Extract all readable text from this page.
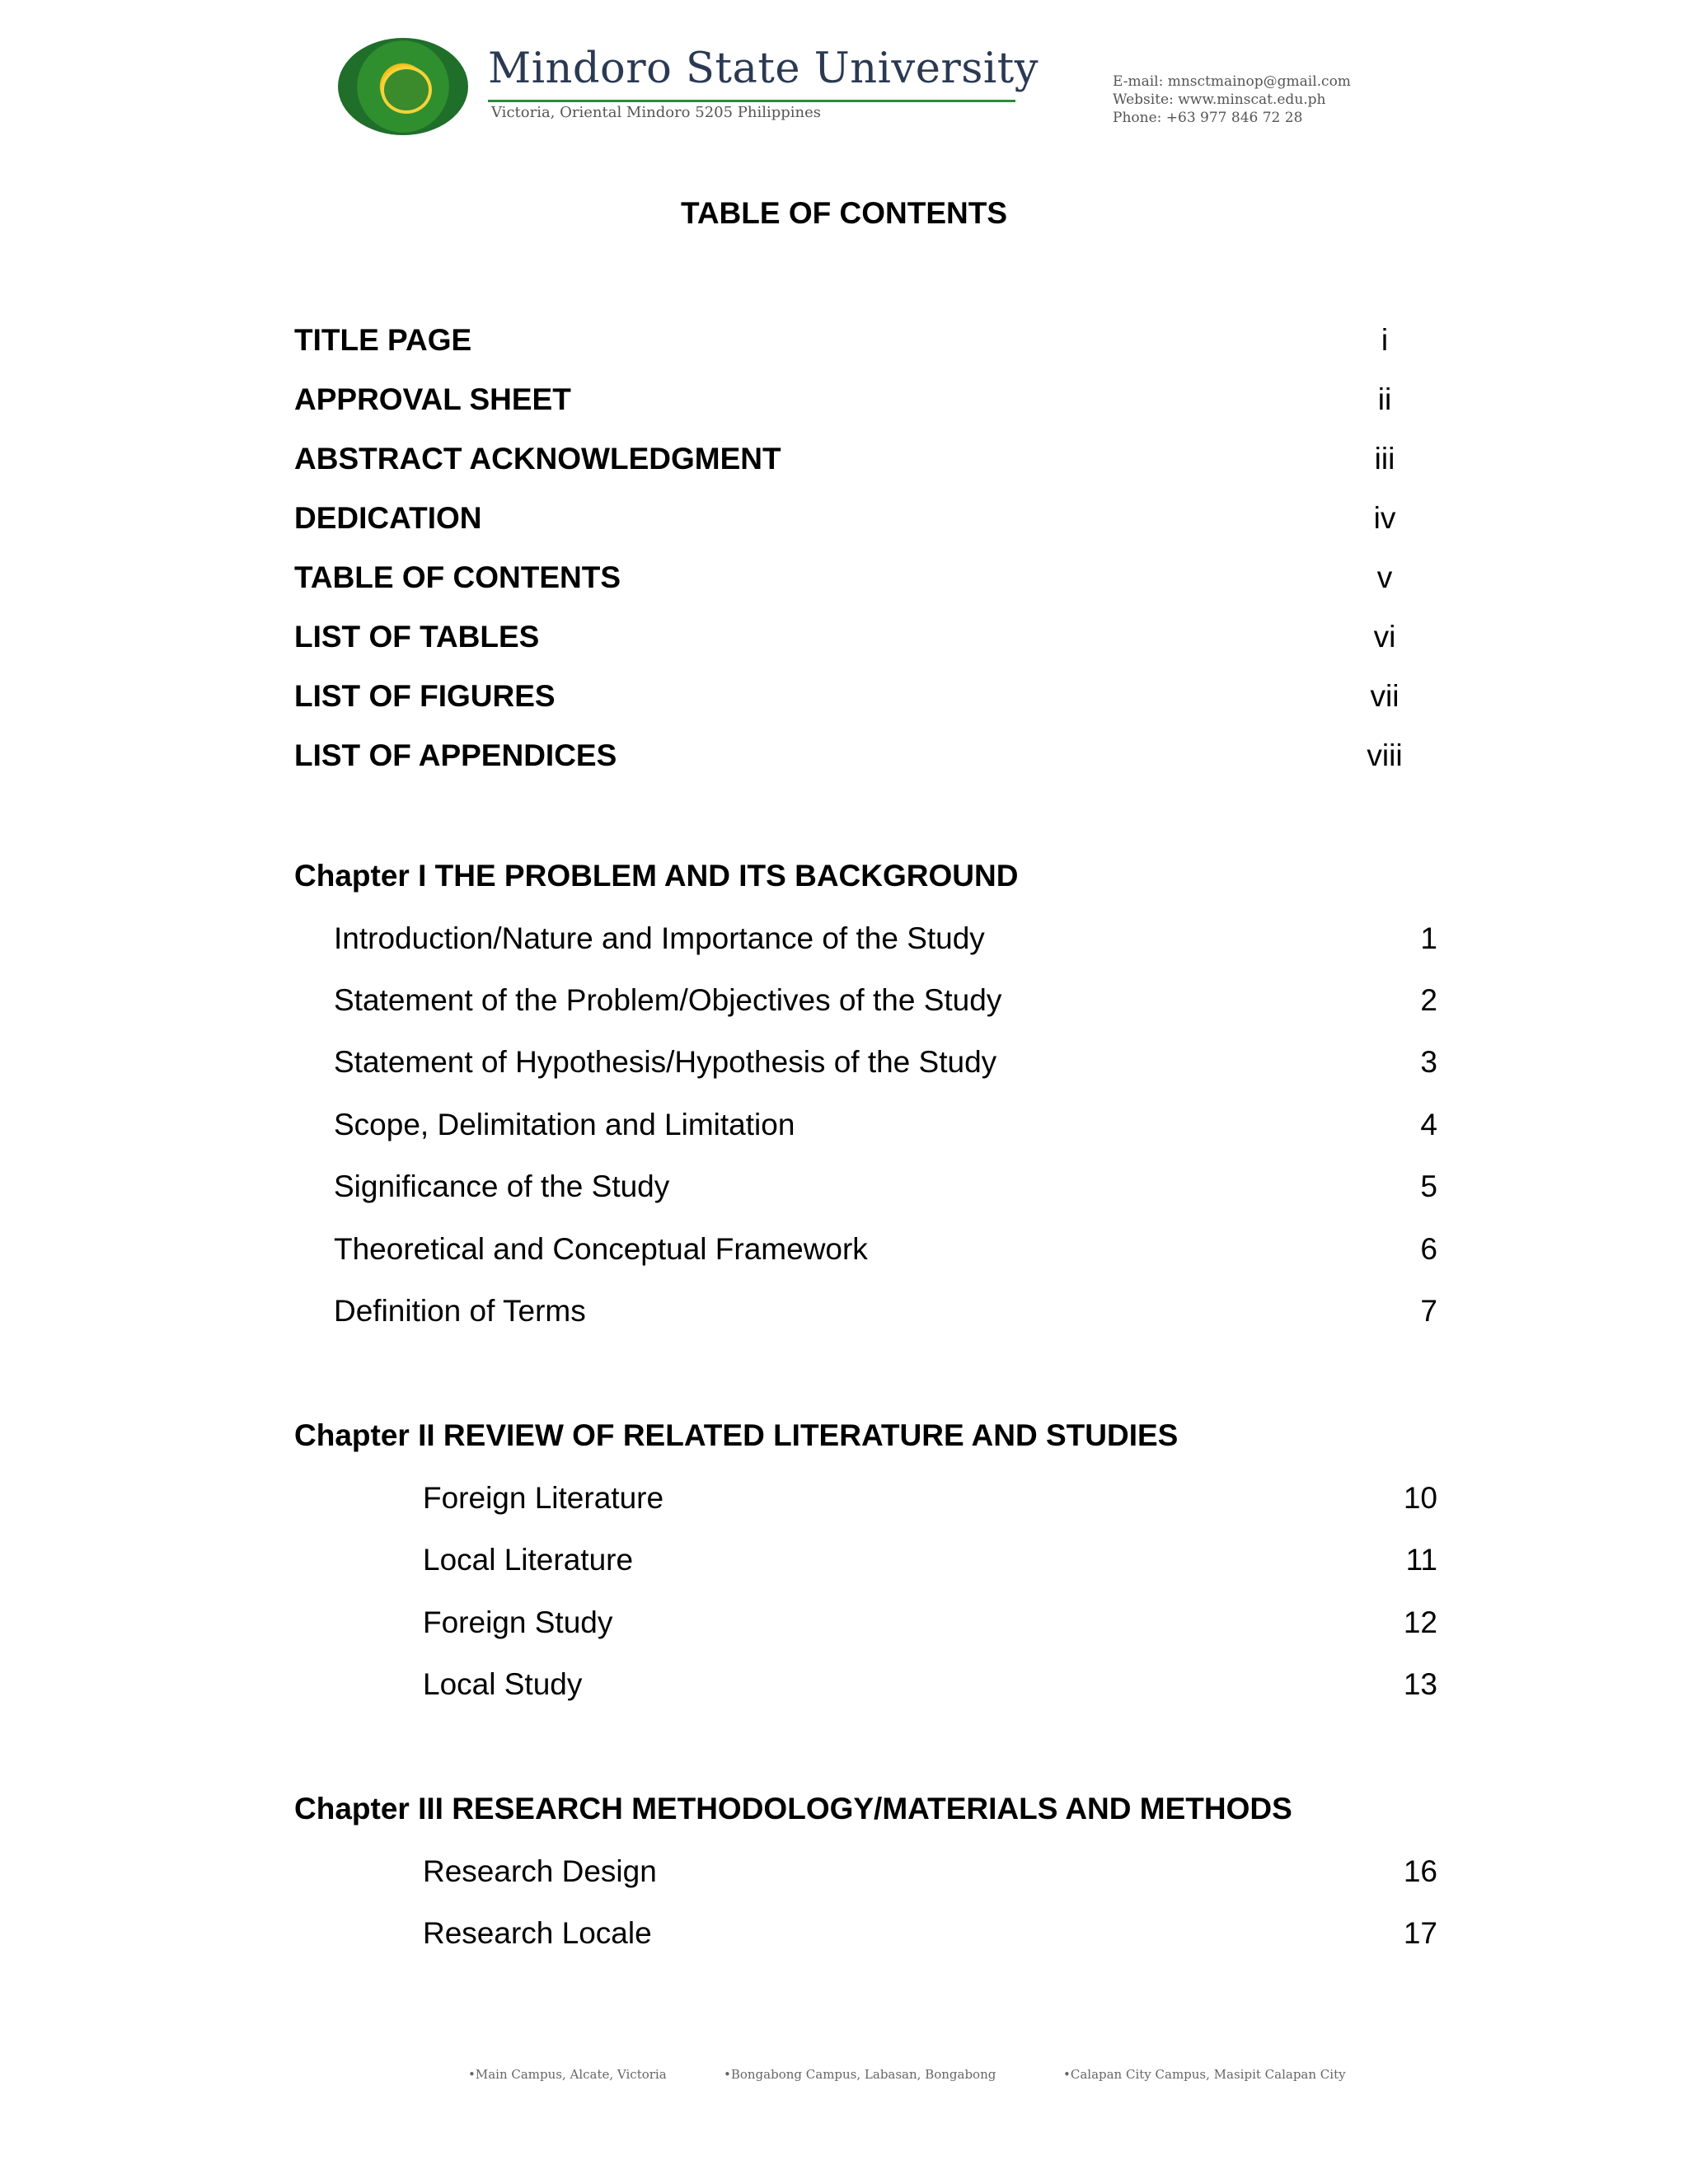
Mindoro State University
Victoria, Oriental Mindoro 5205 Philippines
E-mail: mnsctmainop@gmail.com
Website: www.minscat.edu.ph
Phone: +63 977 846 72 28
TABLE OF CONTENTS
TITLE PAGE	i
APPROVAL SHEET	ii
ABSTRACT ACKNOWLEDGMENT	iii
DEDICATION	iv
TABLE OF CONTENTS	v
LIST OF TABLES	vi
LIST OF FIGURES	vii
LIST OF APPENDICES	viii
Chapter I THE PROBLEM AND ITS BACKGROUND
Introduction/Nature and Importance of the Study	1
Statement of the Problem/Objectives of the Study	2
Statement of Hypothesis/Hypothesis of the Study	3
Scope, Delimitation and Limitation	4
Significance of the Study	5
Theoretical and Conceptual Framework	6
Definition of Terms	7
Chapter II REVIEW OF RELATED LITERATURE AND STUDIES
Foreign Literature	10
Local Literature	11
Foreign Study	12
Local Study	13
Chapter III RESEARCH METHODOLOGY/MATERIALS AND METHODS
Research Design	16
Research Locale	17
•Main Campus, Alcate, Victoria	•Bongabong Campus, Labasan, Bongabong	•Calapan City Campus, Masipit Calapan City
